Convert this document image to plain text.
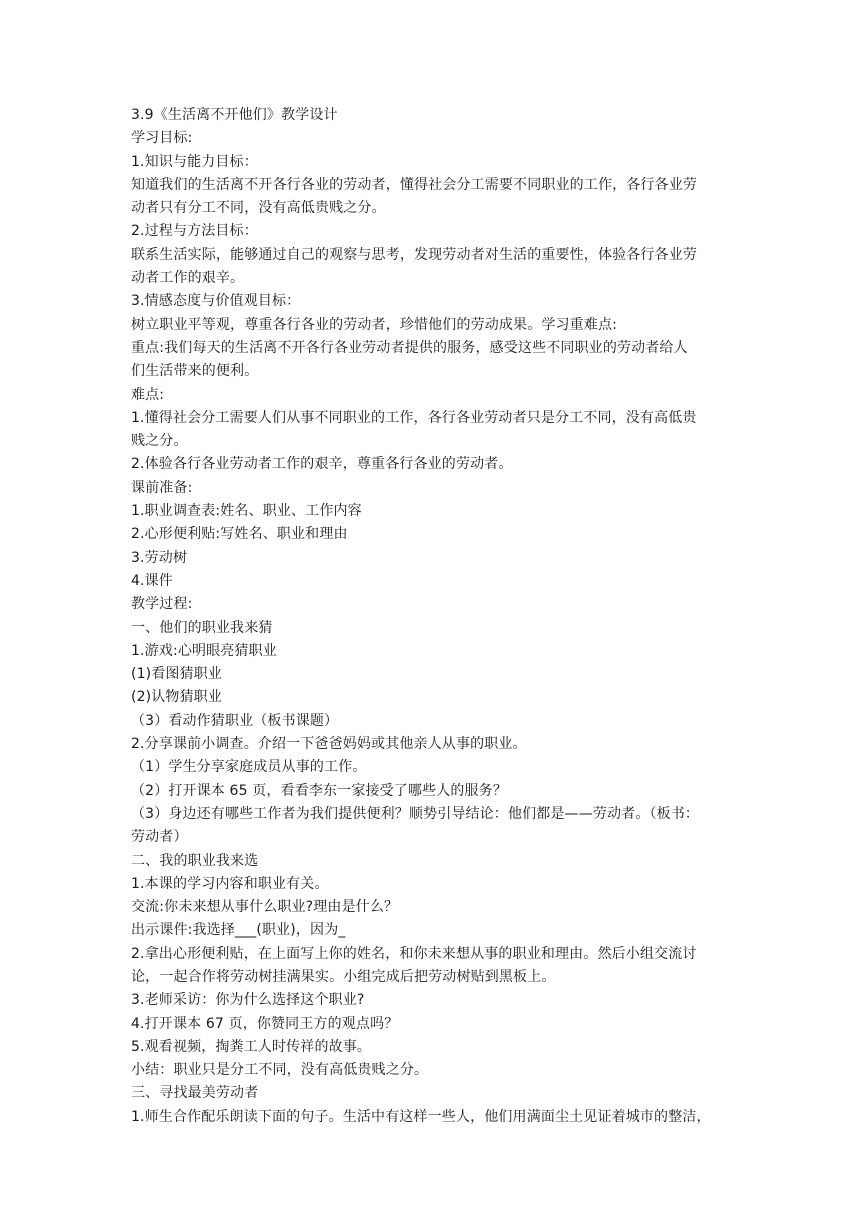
3.9《生活离不开他们》教学设计
学习目标:
1.知识与能力目标：
知道我们的生活离不开各行各业的劳动者，懂得社会分工需要不同职业的工作，各行各业劳
动者只有分工不同，没有高低贵贱之分。
2.过程与方法目标：
联系生活实际，能够通过自己的观察与思考，发现劳动者对生活的重要性，体验各行各业劳
动者工作的艰辛。
3.情感态度与价值观目标：
树立职业平等观，尊重各行各业的劳动者，珍惜他们的劳动成果。学习重难点:
重点:我们每天的生活离不开各行各业劳动者提供的服务，感受这些不同职业的劳动者给人
们生活带来的便利。
难点:
1.懂得社会分工需要人们从事不同职业的工作，各行各业劳动者只是分工不同，没有高低贵
贱之分。
2.体验各行各业劳动者工作的艰辛，尊重各行各业的劳动者。
课前准备:
1.职业调查表:姓名、职业、工作内容
2.心形便利贴:写姓名、职业和理由
3.劳动树
4.课件
教学过程:
一、他们的职业我来猜
1.游戏:心明眼亮猜职业
(1)看图猜职业
(2)认物猜职业
（3）看动作猜职业（板书课题）
2.分享课前小调查。介绍一下爸爸妈妈或其他亲人从事的职业。
（1）学生分享家庭成员从事的工作。
（2）打开课本 65 页，看看李东一家接受了哪些人的服务？
（3）身边还有哪些工作者为我们提供便利？顺势引导结论：他们都是——劳动者。（板书：
劳动者）
二、我的职业我来选
1.本课的学习内容和职业有关。
交流:你未来想从事什么职业?理由是什么？
出示课件:我选择___(职业)，因为_
2.拿出心形便利贴，在上面写上你的姓名，和你未来想从事的职业和理由。然后小组交流讨
论，一起合作将劳动树挂满果实。小组完成后把劳动树贴到黑板上。
3.老师采访：你为什么选择这个职业?
4.打开课本 67 页，你赞同王方的观点吗？
5.观看视频，掏粪工人时传祥的故事。
小结：职业只是分工不同，没有高低贵贱之分。
三、寻找最美劳动者
1.师生合作配乐朗读下面的句子。生活中有这样一些人，他们用满面尘土见证着城市的整洁，
